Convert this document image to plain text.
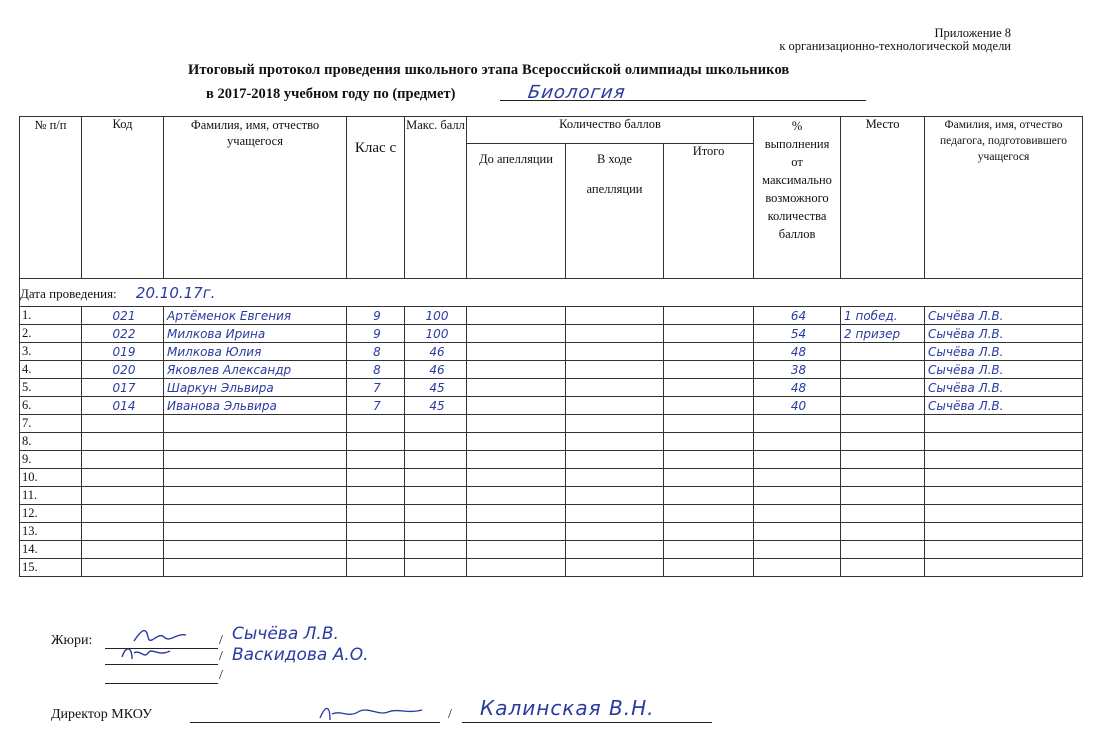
Приложение 8
к организационно-технологической модели
Итоговый протокол проведения школьного этапа Всероссийской олимпиады школьников
в 2017-2018 учебном году по (предмет)	Биология
№ п/п	Код	Фамилия, имя, отчество учащегося	Клас с	Макс. балл	Количество баллов			% выполнения от максимально возможного количества баллов	Место	Фамилия, имя, отчество педагога, подготовившего учащегося
					До апелляции	В ходе апелляции	Итого			
Дата проведения: 20.10.17г.										
1.	021	Артёменок Евгения	9	100				64	1 побед.	Сычёва Л.В.
2.	022	Милкова Ирина	9	100				54	2 призер	Сычёва Л.В.
3.	019	Милкова Юлия	8	46				48		Сычёва Л.В.
4.	020	Яковлев Александр	8	46				38		Сычёва Л.В.
5.	017	Шаркун Эльвира	7	45				48		Сычёва Л.В.
6.	014	Иванова Эльвира	7	45				40		Сычёва Л.В.
7.										
8.										
9.										
10.										
11.										
12.										
13.										
14.										
15.										
Жюри:	/
/
/
Сычёва Л.В.
Васкидова А.О.
Директор МКОУ	/ Калинская В.Н.
